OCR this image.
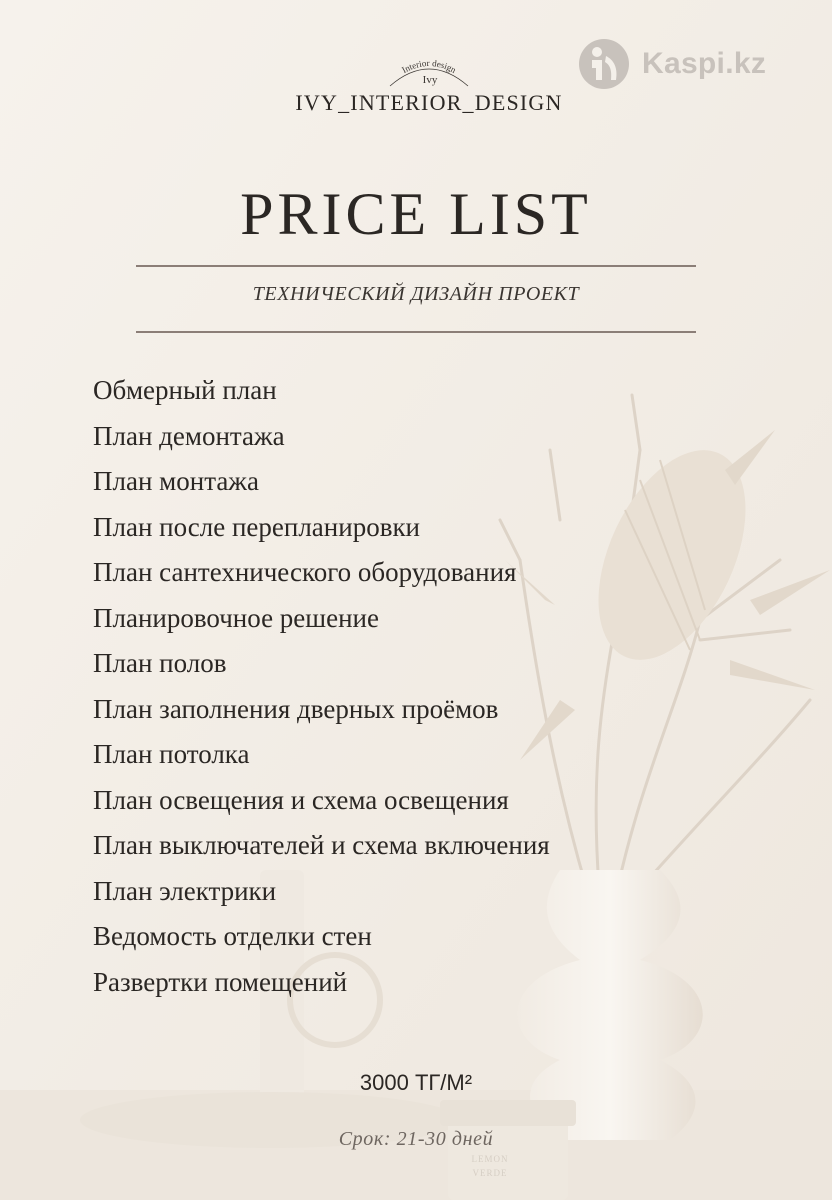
LEMON
VERDE
Kaspi.kz
Interior design
Ivy
IVY_INTERIOR_DESIGN
PRICE LIST
ТЕХНИЧЕСКИЙ ДИЗАЙН ПРОЕКТ
Обмерный план
План демонтажа
План монтажа
План после перепланировки
План сантехнического оборудования
Планировочное решение
План полов
План заполнения дверных проёмов
План потолка
План освещения и схема освещения
План выключателей и схема включения
План электрики
Ведомость отделки стен
Развертки помещений
3000 ТГ/М²
Срок: 21-30 дней
